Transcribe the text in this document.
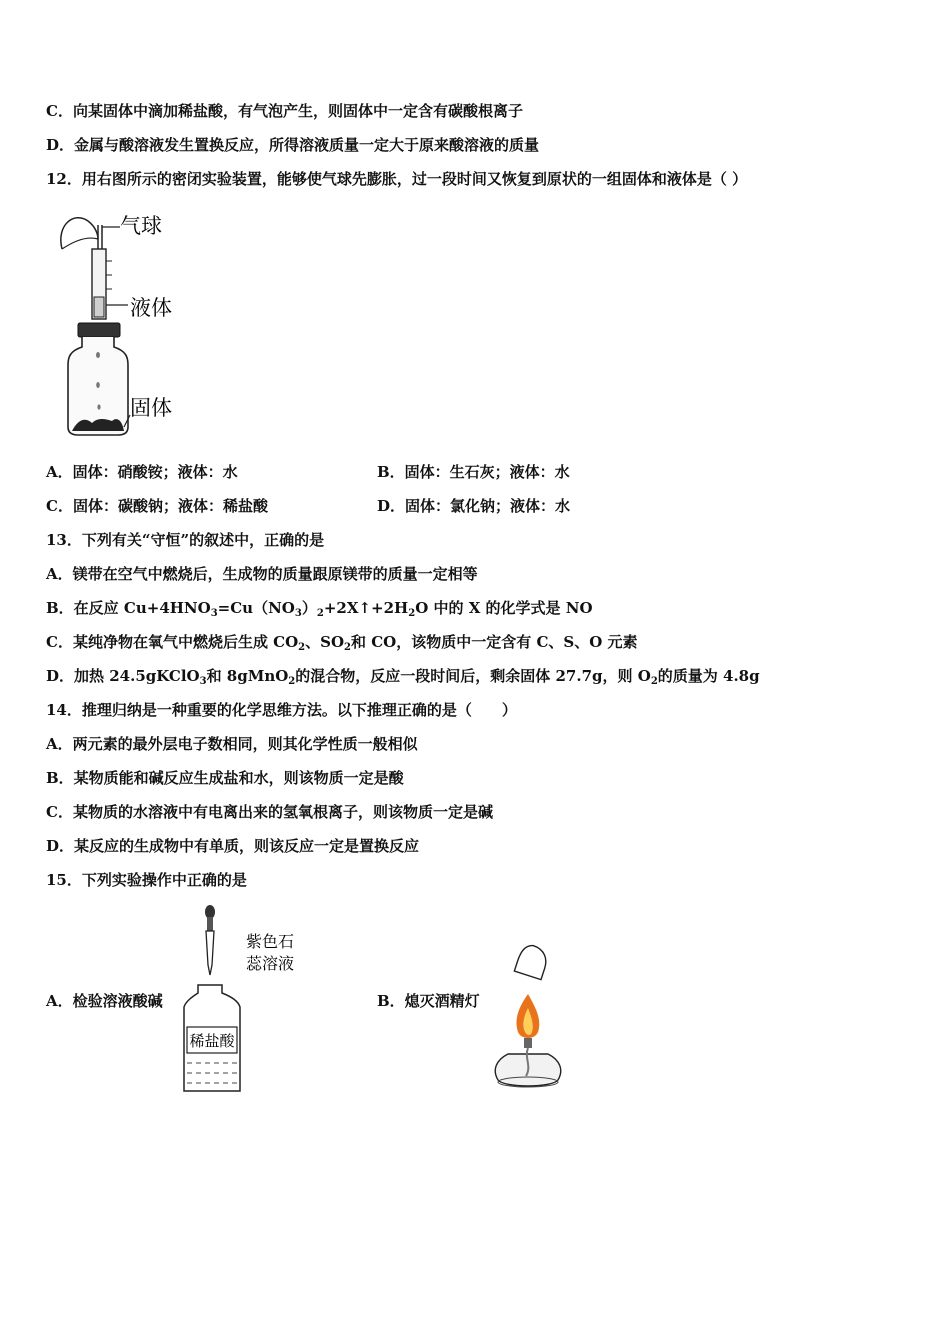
C．向某固体中滴加稀盐酸，有气泡产生，则固体中一定含有碳酸根离子
D．金属与酸溶液发生置换反应，所得溶液质量一定大于原来酸溶液的质量
12．用右图所示的密闭实验装置，能够使气球先膨胀，过一段时间又恢复到原状的一组固体和液体是（ ）
气球
液体
固体
A．固体：硝酸铵；液体：水	B．固体：生石灰；液体：水
C．固体：碳酸钠；液体：稀盐酸	D．固体：氯化钠；液体：水
13．下列有关“守恒”的叙述中，正确的是
A．镁带在空气中燃烧后，生成物的质量跟原镁带的质量一定相等
B．在反应 $Cu+4HNO_3=Cu(NO_3)_2+2X↑+2H_2O$ 中的 X 的化学式是 NO
C．某纯净物在氧气中燃烧后生成 $CO_2$、$SO_2$和 CO，该物质中一定含有 C、S、O 元素
D．加热 24.5gKClO$_3$和 8gMnO$_2$的混合物，反应一段时间后，剩余固体 27.7g，则 $O_2$的质量为 4.8g
14．推理归纳是一种重要的化学思维方法。以下推理正确的是（　　）
A．两元素的最外层电子数相同，则其化学性质一般相似
B．某物质能和碱反应生成盐和水，则该物质一定是酸
C．某物质的水溶液中有电离出来的氢氧根离子，则该物质一定是碱
D．某反应的生成物中有单质，则该反应一定是置换反应
15．下列实验操作中正确的是
A．检验溶液酸碱	B．熄灭酒精灯
紫色石
蕊溶液
稀盐酸
